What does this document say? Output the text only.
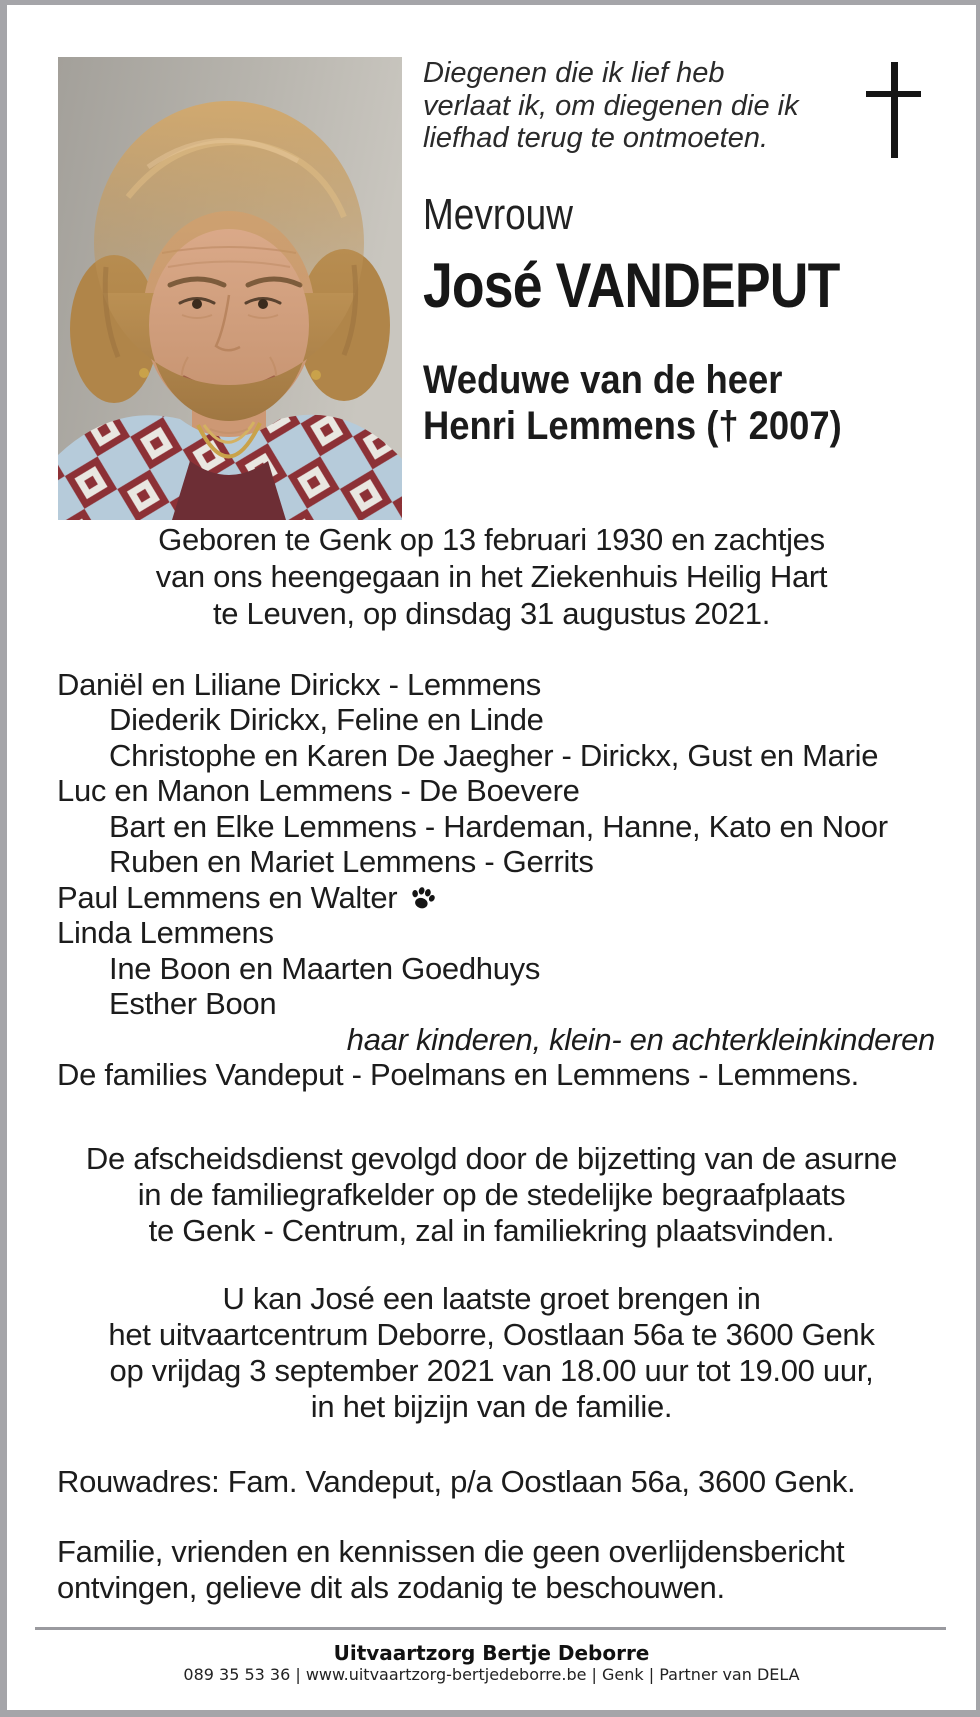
Diegenen die ik lief heb
verlaat ik, om diegenen die ik
liefhad terug te ontmoeten.
Mevrouw
José VANDEPUT
Weduwe van de heer
Henri Lemmens († 2007)
Geboren te Genk op 13 februari 1930 en zachtjes
van ons heengegaan in het Ziekenhuis Heilig Hart
te Leuven, op dinsdag 31 augustus 2021.
Daniël en Liliane Dirickx - Lemmens
Diederik Dirickx, Feline en Linde
Christophe en Karen De Jaegher - Dirickx, Gust en Marie
Luc en Manon Lemmens - De Boevere
Bart en Elke Lemmens - Hardeman, Hanne, Kato en Noor
Ruben en Mariet Lemmens - Gerrits
Paul Lemmens en Walter
Linda Lemmens
Ine Boon en Maarten Goedhuys
Esther Boon
haar kinderen, klein- en achterkleinkinderen
De families Vandeput - Poelmans en Lemmens - Lemmens.
De afscheidsdienst gevolgd door de bijzetting van de asurne
in de familiegrafkelder op de stedelijke begraafplaats
te Genk - Centrum, zal in familiekring plaatsvinden.
U kan José een laatste groet brengen in
het uitvaartcentrum Deborre, Oostlaan 56a te 3600 Genk
op vrijdag 3 september 2021 van 18.00 uur tot 19.00 uur,
in het bijzijn van de familie.
Rouwadres: Fam. Vandeput, p/a Oostlaan 56a, 3600 Genk.
Familie, vrienden en kennissen die geen overlijdensbericht
ontvingen, gelieve dit als zodanig te beschouwen.
Uitvaartzorg Bertje Deborre
089 35 53 36 | www.uitvaartzorg-bertjedeborre.be | Genk | Partner van DELA
